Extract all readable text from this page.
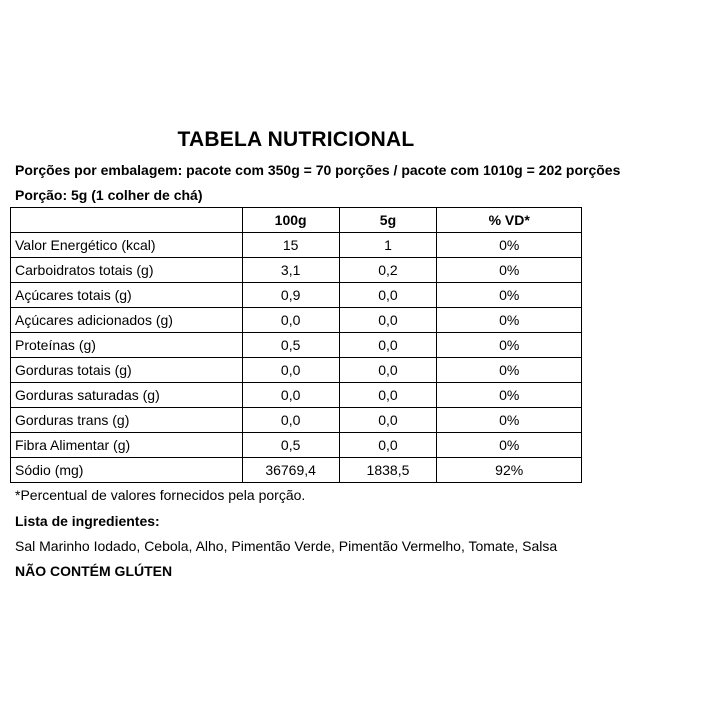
TABELA NUTRICIONAL
Porções por embalagem: pacote com 350g = 70 porções / pacote com 1010g = 202 porções
Porção: 5g (1 colher de chá)
	100g	5g	% VD*
Valor Energético (kcal)	15	1	0%
Carboidratos totais (g)	3,1	0,2	0%
Açúcares totais (g)	0,9	0,0	0%
Açúcares adicionados (g)	0,0	0,0	0%
Proteínas (g)	0,5	0,0	0%
Gorduras totais (g)	0,0	0,0	0%
Gorduras saturadas (g)	0,0	0,0	0%
Gorduras trans (g)	0,0	0,0	0%
Fibra Alimentar (g)	0,5	0,0	0%
Sódio (mg)	36769,4	1838,5	92%
*Percentual de valores fornecidos pela porção.
Lista de ingredientes:
Sal Marinho Iodado, Cebola, Alho, Pimentão Verde, Pimentão Vermelho, Tomate, Salsa
NÃO CONTÉM GLÚTEN
